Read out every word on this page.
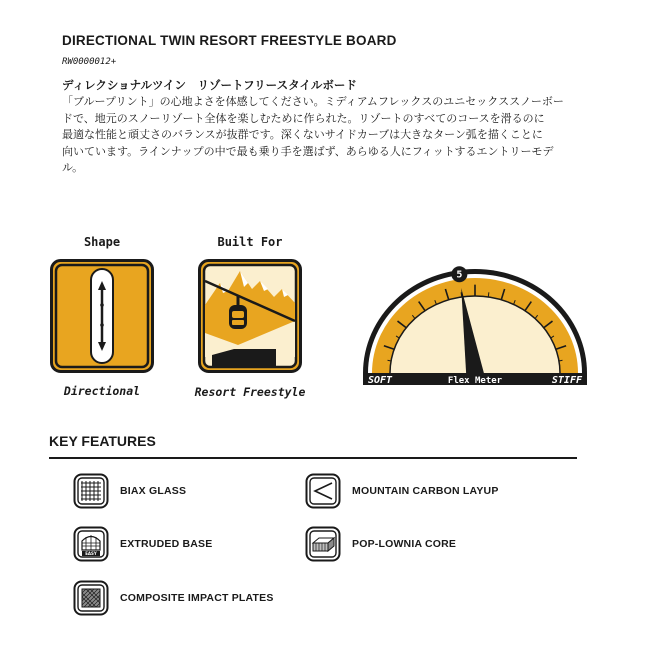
DIRECTIONAL TWIN RESORT FREESTYLE BOARD
RW0000012+
ディレクショナルツイン　リゾートフリースタイルボード
「ブループリント」の心地よさを体感してください。ミディアムフレックスのユニセックススノーボー
ドで、地元のスノーリゾート全体を楽しむために作られた。リゾートのすべてのコースを滑るのに
最適な性能と頑丈さのバランスが抜群です。深くないサイドカーブは大きなターン弧を描くことに
向いています。ラインナップの中で最も乗り手を選ばず、あらゆる人にフィットするエントリーモデ
ル。
Shape
Directional
Built For
Resort Freestyle
5
SOFT	Flex Meter	STIFF
KEY FEATURES
BIAX GLASS	MOUNTAIN CARBON LAYUP
EASY
EXTRUDED BASE	POP-LOWNIA CORE
COMPOSITE IMPACT PLATES
